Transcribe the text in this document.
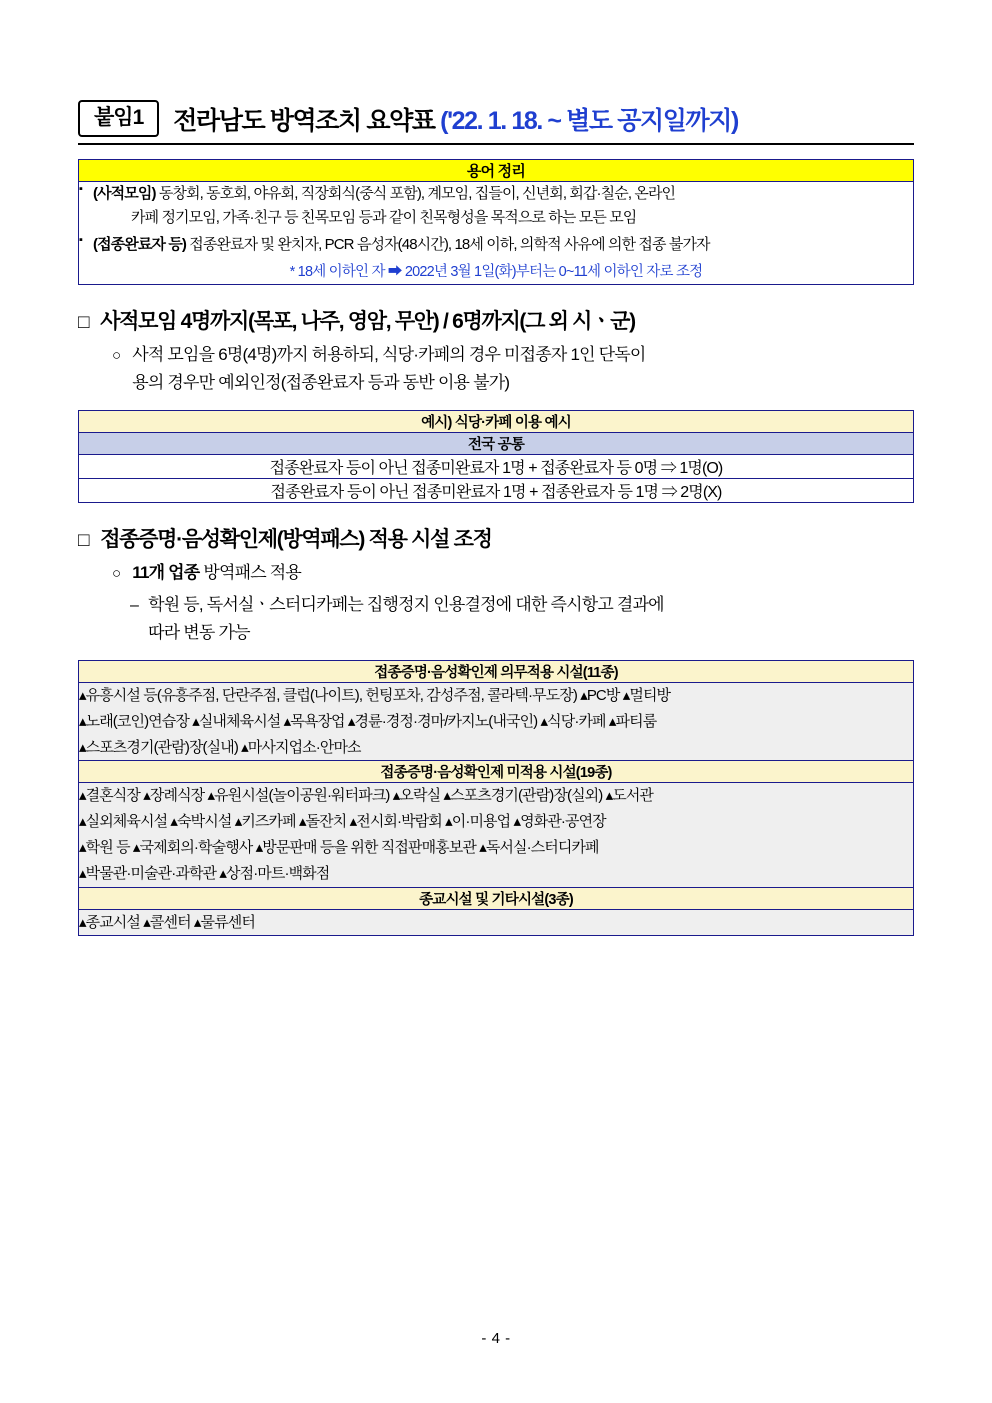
붙임1	전라남도 방역조치 요약표 ('22. 1. 18. ~ 별도 공지일까지)
용어 정리

▪ (사적모임) 동창회, 동호회, 야유회, 직장회식(중식 포함), 계모임, 집들이, 신년회, 회갑·칠순, 온라인
카페 정기모임, 가족·친구 등 친목모임 등과 같이 친목형성을 목적으로 하는 모든 모임
▪ (접종완료자 등) 접종완료자 및 완치자, PCR 음성자(48시간), 18세 이하, 의학적 사유에 의한 접종 불가자
* 18세 이하인 자 ➡ 2022년 3월 1일(화)부터는 0~11세 이하인 자로 조정
□ 사적모임 4명까지(목포, 나주, 영암, 무안) / 6명까지(그 외 시ㆍ군)
○ 사적 모임을 6명(4명)까지 허용하되, 식당·카페의 경우 미접종자 1인 단독이
용의 경우만 예외인정(접종완료자 등과 동반 이용 불가)
예시) 식당·카페 이용 예시
전국 공통
접종완료자 등이 아닌 접종미완료자 1명 + 접종완료자 등 0명 ⇒ 1명(O)
접종완료자 등이 아닌 접종미완료자 1명 + 접종완료자 등 1명 ⇒ 2명(X)
□ 접종증명·음성확인제(방역패스) 적용 시설 조정
○ 11개 업종 방역패스 적용
– 학원 등, 독서실ㆍ스터디카페는 집행정지 인용결정에 대한 즉시항고 결과에
따라 변동 가능
접종증명·음성확인제 의무적용 시설(11종)

▴유흥시설 등(유흥주점, 단란주점, 클럽(나이트), 헌팅포차, 감성주점, 콜라텍·무도장) ▴PC방 ▴멀티방
▴노래(코인)연습장 ▴실내체육시설 ▴목욕장업 ▴경륜·경정·경마/카지노(내국인) ▴식당·카페 ▴파티룸
▴스포츠경기(관람)장(실내) ▴마사지업소·안마소

접종증명·음성확인제 미적용 시설(19종)

▴결혼식장 ▴장례식장 ▴유원시설(놀이공원·워터파크) ▴오락실 ▴스포츠경기(관람)장(실외) ▴도서관
▴실외체육시설 ▴숙박시설 ▴키즈카페 ▴돌잔치 ▴전시회·박람회 ▴이·미용업 ▴영화관·공연장
▴학원 등 ▴국제회의·학술행사 ▴방문판매 등을 위한 직접판매홍보관 ▴독서실·스터디카페
▴박물관·미술관·과학관 ▴상점·마트·백화점

종교시설 및 기타시설(3종)

▴종교시설 ▴콜센터 ▴물류센터
- 4 -
